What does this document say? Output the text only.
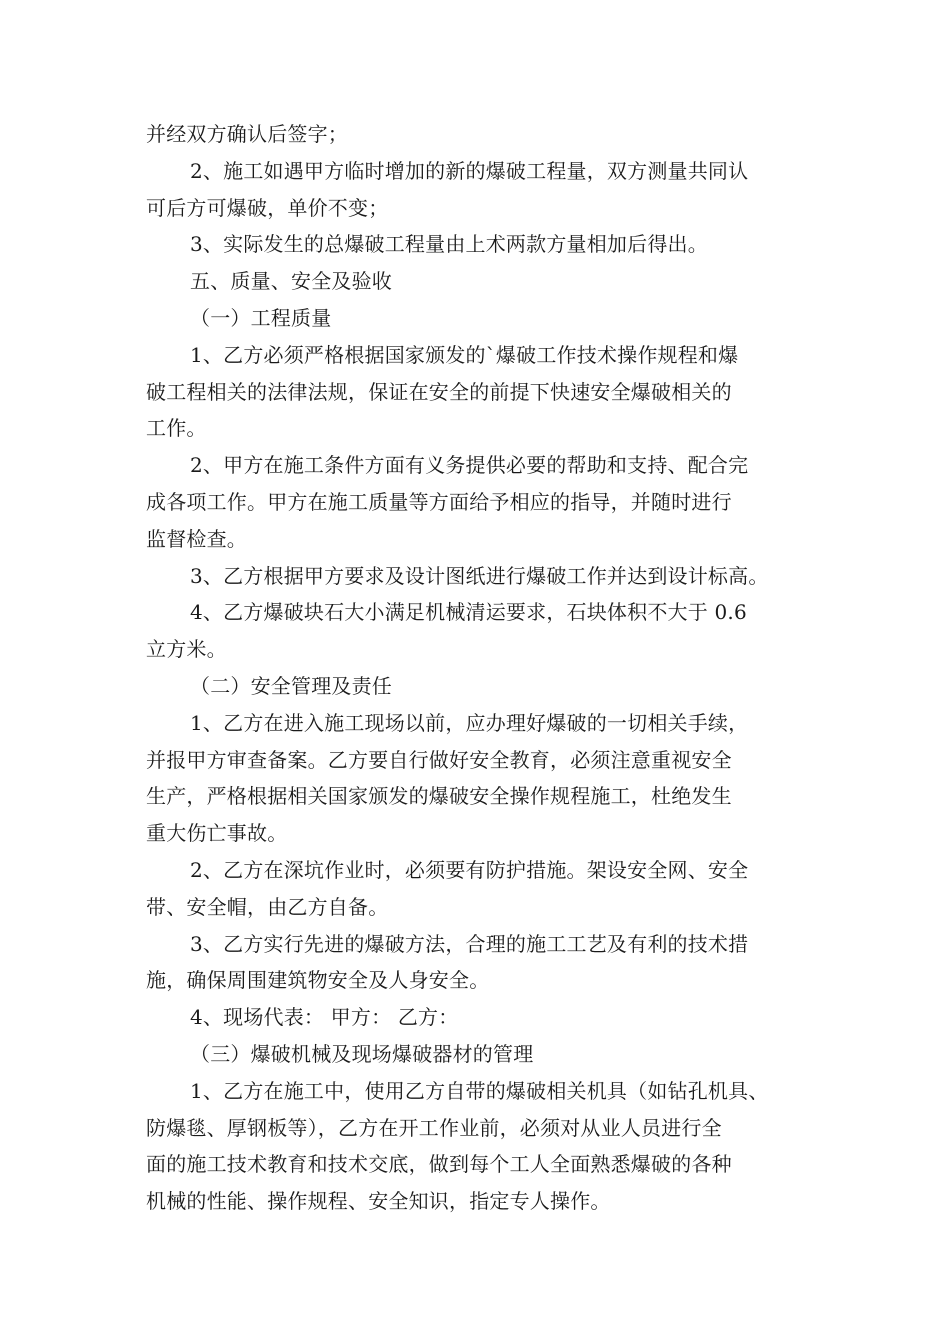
并经双方确认后签字；
2、施工如遇甲方临时增加的新的爆破工程量，双方测量共同认
可后方可爆破，单价不变；
3、实际发生的总爆破工程量由上术两款方量相加后得出。
五、质量、安全及验收
（一）工程质量
1、乙方必须严格根据国家颁发的`爆破工作技术操作规程和爆
破工程相关的法律法规，保证在安全的前提下快速安全爆破相关的
工作。
2、甲方在施工条件方面有义务提供必要的帮助和支持、配合完
成各项工作。甲方在施工质量等方面给予相应的指导，并随时进行
监督检查。
3、乙方根据甲方要求及设计图纸进行爆破工作并达到设计标高。
4、乙方爆破块石大小满足机械清运要求，石块体积不大于 0.6
立方米。
（二）安全管理及责任
1、乙方在进入施工现场以前，应办理好爆破的一切相关手续，
并报甲方审查备案。乙方要自行做好安全教育，必须注意重视安全
生产，严格根据相关国家颁发的爆破安全操作规程施工，杜绝发生
重大伤亡事故。
2、乙方在深坑作业时，必须要有防护措施。架设安全网、安全
带、安全帽，由乙方自备。
3、乙方实行先进的爆破方法，合理的施工工艺及有利的技术措
施，确保周围建筑物安全及人身安全。
4、现场代表： 甲方： 乙方：
（三）爆破机械及现场爆破器材的管理
1、乙方在施工中，使用乙方自带的爆破相关机具（如钻孔机具、
防爆毯、厚钢板等），乙方在开工作业前，必须对从业人员进行全
面的施工技术教育和技术交底，做到每个工人全面熟悉爆破的各种
机械的性能、操作规程、安全知识，指定专人操作。
